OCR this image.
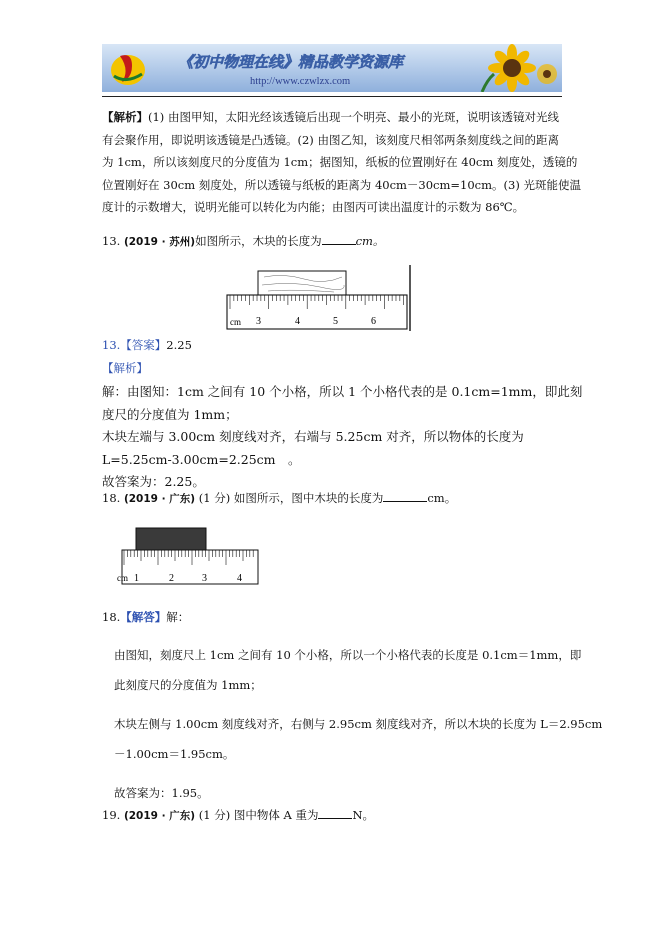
《初中物理在线》精品教学资源库
http://www.czwlzx.com
【解析】(1) 由图甲知，太阳光经该透镜后出现一个明亮、最小的光斑，说明该透镜对光线
有会聚作用，即说明该透镜是凸透镜。(2) 由图乙知，该刻度尺相邻两条刻度线之间的距离
为 1cm，所以该刻度尺的分度值为 1cm；据图知，纸板的位置刚好在 40cm 刻度处，透镜的
位置刚好在 30cm 刻度处，所以透镜与纸板的距离为 40cm－30cm=10cm。(3) 光斑能使温
度计的示数增大，说明光能可以转化为内能；由图丙可读出温度计的示数为 86℃。
13. (2019 · 苏州)如图所示，木块的长度为	cm。
cm 3	4	5	6
13.【答案】2.25
【解析】
解：由图知：1cm 之间有 10 个小格，所以 1 个小格代表的是 0.1cm=1mm，即此刻
度尺的分度值为 1mm；
木块左端与 3.00cm 刻度线对齐，右端与 5.25cm 对齐，所以物体的长度为
L=5.25cm-3.00cm=2.25cm　。
故答案为：2.25。
18. (2019 · 广东) (1 分) 如图所示，图中木块的长度为	cm。
cm 1	2	3	4
18.【解答】解：
由图知，刻度尺上 1cm 之间有 10 个小格，所以一个小格代表的长度是 0.1cm＝1mm，即
此刻度尺的分度值为 1mm；
木块左侧与 1.00cm 刻度线对齐，右侧与 2.95cm 刻度线对齐，所以木块的长度为 L＝2.95cm
－1.00cm＝1.95cm。
故答案为：1.95。
19. (2019 · 广东) (1 分) 图中物体 A 重为	N。
